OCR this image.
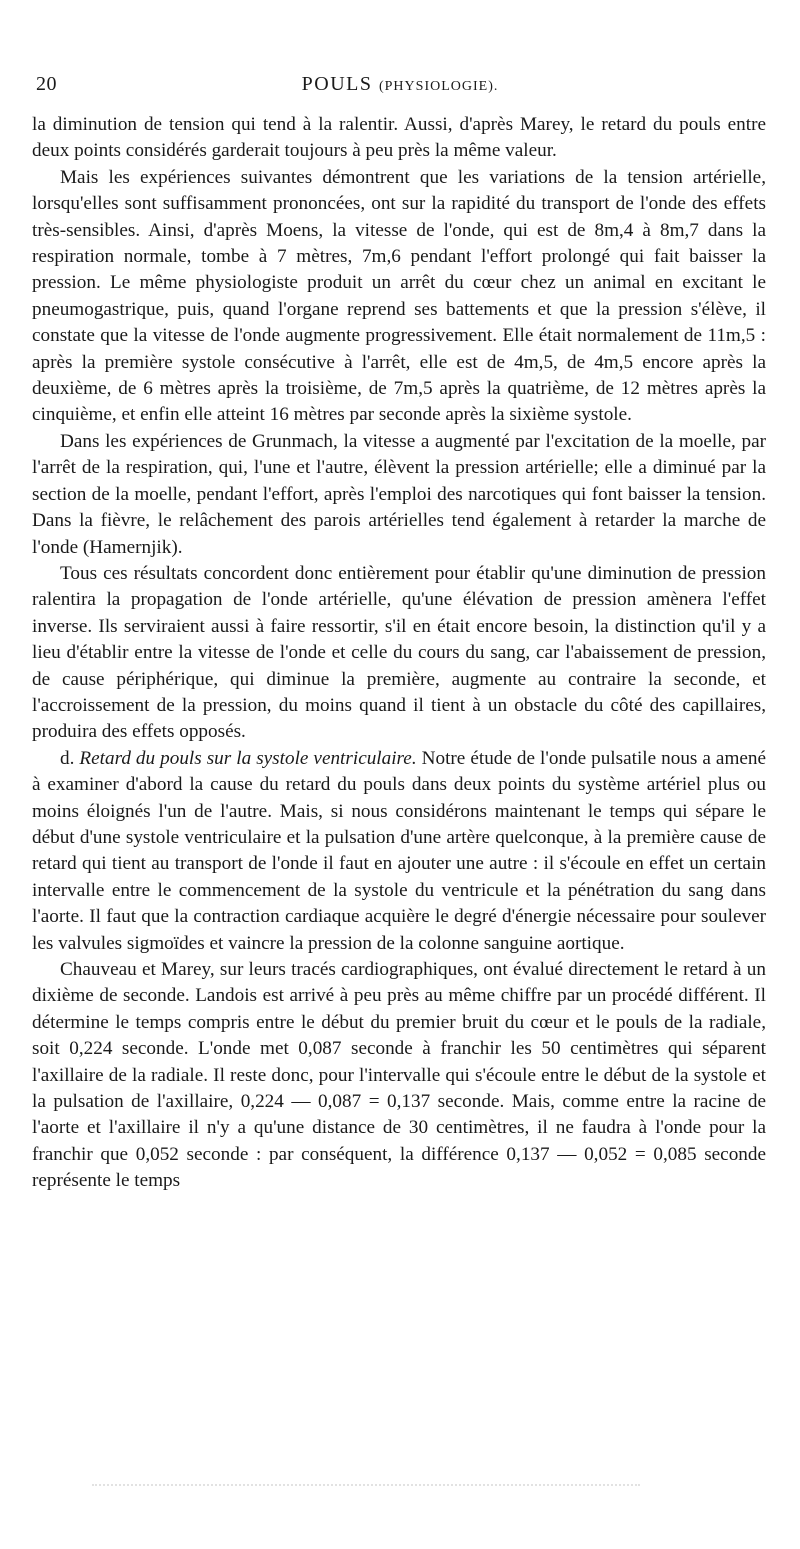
20	POULS (PHYSIOLOGIE).

la diminution de tension qui tend à la ralentir. Aussi, d'après Marey, le retard du pouls entre deux points considérés garderait toujours à peu près la même valeur.

Mais les expériences suivantes démontrent que les variations de la tension artérielle, lorsqu'elles sont suffisamment prononcées, ont sur la rapidité du transport de l'onde des effets très-sensibles. Ainsi, d'après Moens, la vitesse de l'onde, qui est de 8m,4 à 8m,7 dans la respiration normale, tombe à 7 mètres, 7m,6 pendant l'effort prolongé qui fait baisser la pression. Le même physiologiste produit un arrêt du cœur chez un animal en excitant le pneumogastrique, puis, quand l'organe reprend ses battements et que la pression s'élève, il constate que la vitesse de l'onde augmente progressivement. Elle était normalement de 11m,5 : après la première systole consécutive à l'arrêt, elle est de 4m,5, de 4m,5 encore après la deuxième, de 6 mètres après la troisième, de 7m,5 après la quatrième, de 12 mètres après la cinquième, et enfin elle atteint 16 mètres par seconde après la sixième systole.

Dans les expériences de Grunmach, la vitesse a augmenté par l'excitation de la moelle, par l'arrêt de la respiration, qui, l'une et l'autre, élèvent la pression artérielle; elle a diminué par la section de la moelle, pendant l'effort, après l'emploi des narcotiques qui font baisser la tension. Dans la fièvre, le relâchement des parois artérielles tend également à retarder la marche de l'onde (Hamernjik).

Tous ces résultats concordent donc entièrement pour établir qu'une diminution de pression ralentira la propagation de l'onde artérielle, qu'une élévation de pression amènera l'effet inverse. Ils serviraient aussi à faire ressortir, s'il en était encore besoin, la distinction qu'il y a lieu d'établir entre la vitesse de l'onde et celle du cours du sang, car l'abaissement de pression, de cause périphérique, qui diminue la première, augmente au contraire la seconde, et l'accroissement de la pression, du moins quand il tient à un obstacle du côté des capillaires, produira des effets opposés.

d. Retard du pouls sur la systole ventriculaire. Notre étude de l'onde pulsatile nous a amené à examiner d'abord la cause du retard du pouls dans deux points du système artériel plus ou moins éloignés l'un de l'autre. Mais, si nous considérons maintenant le temps qui sépare le début d'une systole ventriculaire et la pulsation d'une artère quelconque, à la première cause de retard qui tient au transport de l'onde il faut en ajouter une autre : il s'écoule en effet un certain intervalle entre le commencement de la systole du ventricule et la pénétration du sang dans l'aorte. Il faut que la contraction cardiaque acquière le degré d'énergie nécessaire pour soulever les valvules sigmoïdes et vaincre la pression de la colonne sanguine aortique.

Chauveau et Marey, sur leurs tracés cardiographiques, ont évalué directement le retard à un dixième de seconde. Landois est arrivé à peu près au même chiffre par un procédé différent. Il détermine le temps compris entre le début du premier bruit du cœur et le pouls de la radiale, soit 0,224 seconde. L'onde met 0,087 seconde à franchir les 50 centimètres qui séparent l'axillaire de la radiale. Il reste donc, pour l'intervalle qui s'écoule entre le début de la systole et la pulsation de l'axillaire, 0,224 — 0,087 = 0,137 seconde. Mais, comme entre la racine de l'aorte et l'axillaire il n'y a qu'une distance de 30 centimètres, il ne faudra à l'onde pour la franchir que 0,052 seconde : par conséquent, la différence 0,137 — 0,052 = 0,085 seconde représente le temps
